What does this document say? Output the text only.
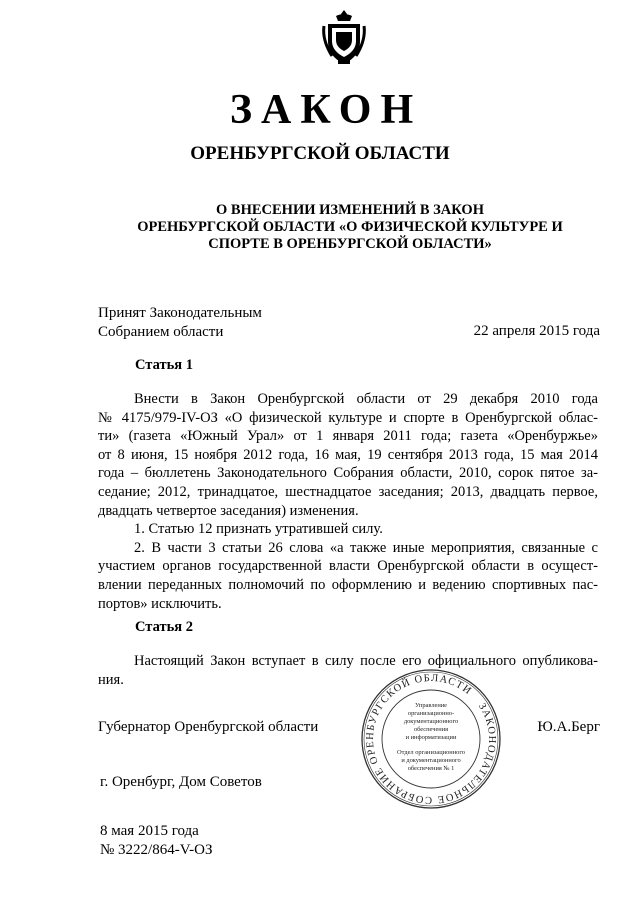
ЗАКОН
ОРЕНБУРГСКОЙ ОБЛАСТИ
О ВНЕСЕНИИ ИЗМЕНЕНИЙ В ЗАКОН
ОРЕНБУРГСКОЙ ОБЛАСТИ «О ФИЗИЧЕСКОЙ КУЛЬТУРЕ И
СПОРТЕ В ОРЕНБУРГСКОЙ ОБЛАСТИ»
Принят Законодательным
Собранием области	22 апреля 2015 года
Статья 1
Внести в Закон Оренбургской области от 29 декабря 2010 года
№ 4175/979-IV-ОЗ «О физической культуре и спорте в Оренбургской облас-
ти» (газета «Южный Урал» от 1 января 2011 года; газета «Оренбуржье»
от 8 июня, 15 ноября 2012 года, 16 мая, 19 сентября 2013 года, 15 мая 2014
года – бюллетень Законодательного Собрания области, 2010, сорок пятое за-
седание; 2012, тринадцатое, шестнадцатое заседания; 2013, двадцать первое,
двадцать четвертое заседания) изменения.
1. Статью 12 признать утратившей силу.
2. В части 3 статьи 26 слова «а также иные мероприятия, связанные с
участием органов государственной власти Оренбургской области в осущест-
влении переданных полномочий по оформлению и ведению спортивных пас-
портов» исключить.
Статья 2
Настоящий Закон вступает в силу после его официального опубликова-
ния.
ЗАКОНОДАТЕЛЬНОЕ СОБРАНИЕ ОРЕНБУРГСКОЙ ОБЛАСТИ
Управление
организационно-
документационного
обеспечения
и информатизации
Отдел организационного
и документационного
обеспечения № 1
Губернатор Оренбургской области	Ю.А.Берг
г. Оренбург, Дом Советов
8 мая 2015 года
№ 3222/864-V-ОЗ
